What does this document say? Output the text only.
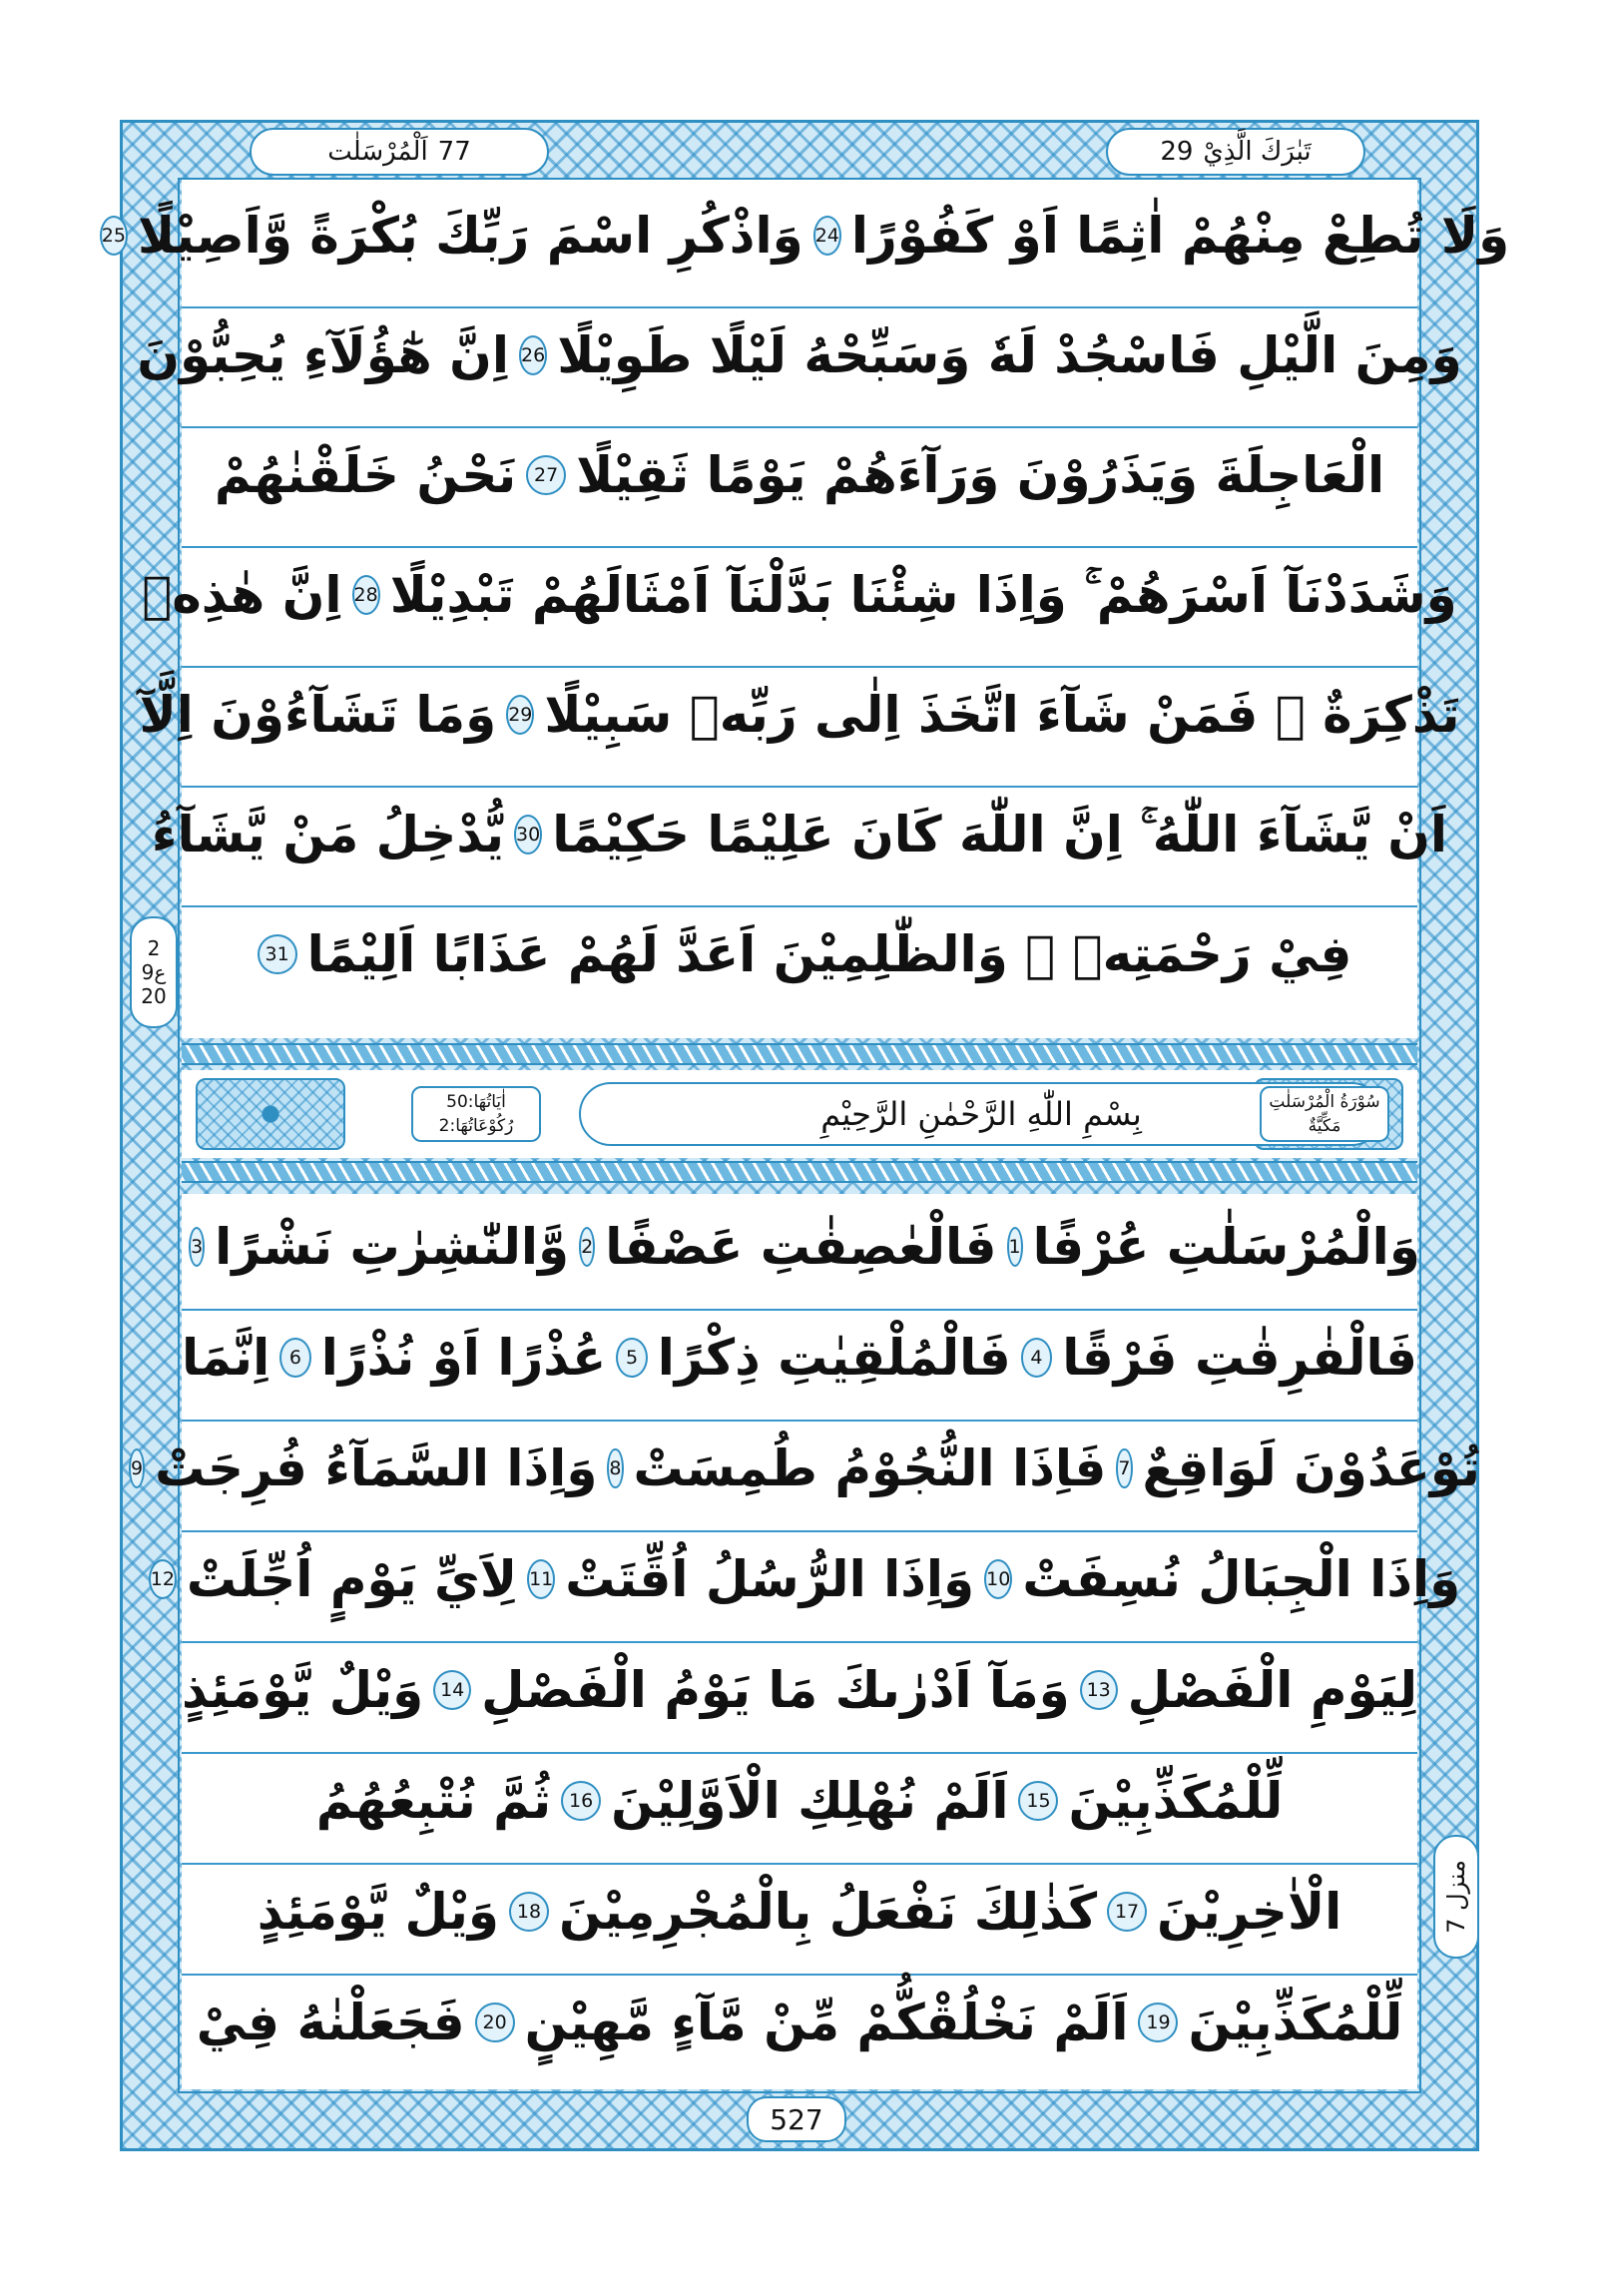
اَلْمُرْسَلٰت 77	29 تَبٰرَكَ الَّذِيْ
وَلَا تُطِعْ مِنْهُمْ اٰثِمًا اَوْ كَفُوْرًا
24
وَاذْكُرِ اسْمَ رَبِّكَ بُكْرَةً وَّاَصِيْلًا
25
وَمِنَ الَّيْلِ فَاسْجُدْ لَهٗ وَسَبِّحْهُ لَيْلًا طَوِيْلًا
26
اِنَّ هٰٓؤُلَآءِ يُحِبُّوْنَ
الْعَاجِلَةَ وَيَذَرُوْنَ وَرَآءَهُمْ يَوْمًا ثَقِيْلًا
27
نَحْنُ خَلَقْنٰهُمْ
وَشَدَدْنَآ اَسْرَهُمْ ۚ وَاِذَا شِئْنَا بَدَّلْنَآ اَمْثَالَهُمْ تَبْدِيْلًا
28
اِنَّ هٰذِهٖ
تَذْكِرَةٌ ۚ فَمَنْ شَآءَ اتَّخَذَ اِلٰى رَبِّهٖ سَبِيْلًا
29
وَمَا تَشَآءُوْنَ اِلَّآ
اَنْ يَّشَآءَ اللّٰهُ ۚ اِنَّ اللّٰهَ كَانَ عَلِيْمًا حَكِيْمًا
30
يُّدْخِلُ مَنْ يَّشَآءُ
فِيْ رَحْمَتِهٖ ۚ وَالظّٰلِمِيْنَ اَعَدَّ لَهُمْ عَذَابًا اَلِيْمًا
31
2
ع9
20
اٰيَاتُهَا:50
رُكُوْعَاتُهَا:2	بِسْمِ اللّٰهِ الرَّحْمٰنِ الرَّحِيْمِ	سُوْرَةُ الْمُرْسَلٰتِ
مَكِّيَّةٌ
وَالْمُرْسَلٰتِ عُرْفًا
1
فَالْعٰصِفٰتِ عَصْفًا
2
وَّالنّٰشِرٰتِ نَشْرًا
3
فَالْفٰرِقٰتِ فَرْقًا
4
فَالْمُلْقِيٰتِ ذِكْرًا
5
عُذْرًا اَوْ نُذْرًا
6
اِنَّمَا
تُوْعَدُوْنَ لَوَاقِعٌ
7
فَاِذَا النُّجُوْمُ طُمِسَتْ
8
وَاِذَا السَّمَآءُ فُرِجَتْ
9
وَاِذَا الْجِبَالُ نُسِفَتْ
10
وَاِذَا الرُّسُلُ اُقِّتَتْ
11
لِاَيِّ يَوْمٍ اُجِّلَتْ
12
لِيَوْمِ الْفَصْلِ
13
وَمَآ اَدْرٰىكَ مَا يَوْمُ الْفَصْلِ
14
وَيْلٌ يَّوْمَئِذٍ
لِّلْمُكَذِّبِيْنَ
15
اَلَمْ نُهْلِكِ الْاَوَّلِيْنَ
16
ثُمَّ نُتْبِعُهُمُ
الْاٰخِرِيْنَ
17
كَذٰلِكَ نَفْعَلُ بِالْمُجْرِمِيْنَ
18
وَيْلٌ يَّوْمَئِذٍ
لِّلْمُكَذِّبِيْنَ
19
اَلَمْ نَخْلُقْكُّمْ مِّنْ مَّآءٍ مَّهِيْنٍ
20
فَجَعَلْنٰهُ فِيْ
منزل 7
527
